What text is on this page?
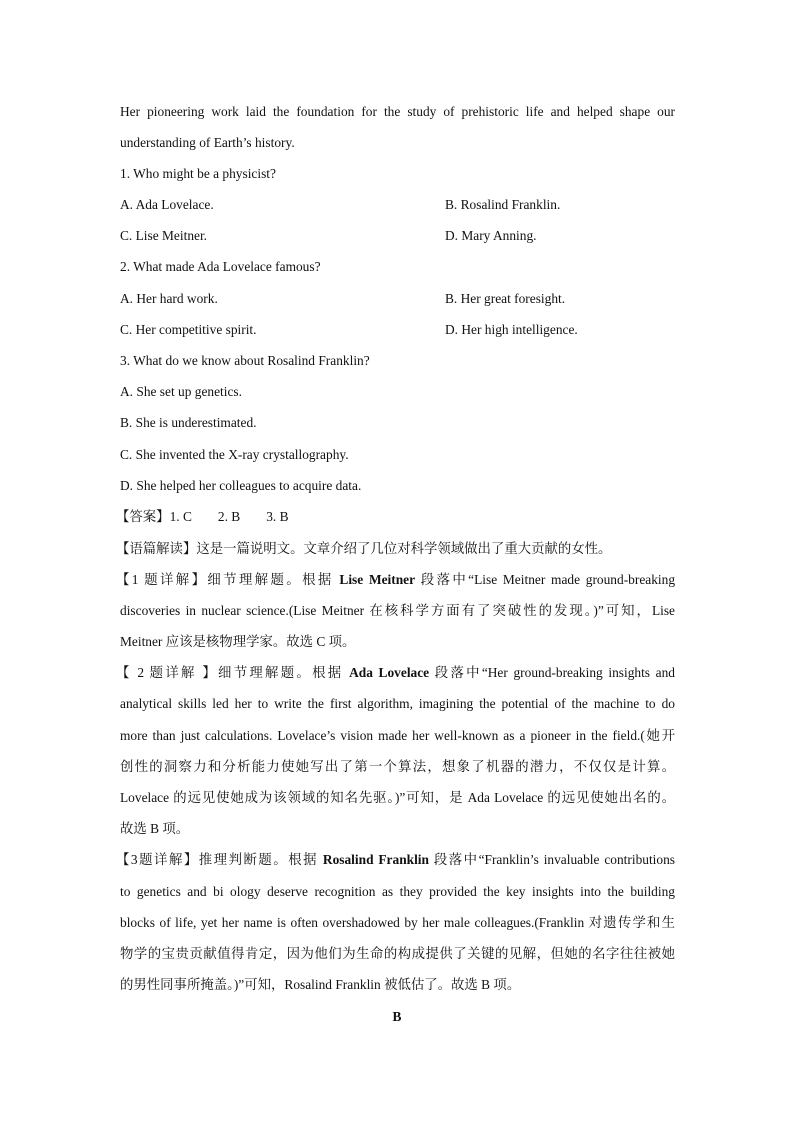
Her pioneering work laid the foundation for the study of prehistoric life and helped shape our
understanding of Earth’s history.
1. Who might be a physicist?
A. Ada Lovelace.	B. Rosalind Franklin.
C. Lise Meitner.	D. Mary Anning.
2. What made Ada Lovelace famous?
A. Her hard work.	B. Her great foresight.
C. Her competitive spirit.	D. Her high intelligence.
3. What do we know about Rosalind Franklin?
A. She set up genetics.
B. She is underestimated.
C. She invented the X-ray crystallography.
D. She helped her colleagues to acquire data.
【答案】1. C 2. B 3. B
【语篇解读】这是一篇说明文。文章介绍了几位对科学领域做出了重大贡献的女性。
【1 题详解】细节理解题。根据 Lise Meitner 段落中“Lise Meitner made ground-breaking
discoveries in nuclear science.(Lise Meitner 在核科学方面有了突破性的发现。)”可知，Lise
Meitner 应该是核物理学家。故选 C 项。
【 2 题详解 】细节理解题。根据 Ada Lovelace 段落中“Her ground-breaking insights and
analytical skills led her to write the first algorithm, imagining the potential of the machine to do
more than just calculations. Lovelace’s vision made her well-known as a pioneer in the field.(她开
创性的洞察力和分析能力使她写出了第一个算法，想象了机器的潜力，不仅仅是计算。
Lovelace 的远见使她成为该领域的知名先驱。)”可知，是 Ada Lovelace 的远见使她出名的。
故选 B 项。
【3题详解】推理判断题。根据 Rosalind Franklin 段落中“Franklin’s invaluable contributions
to genetics and bi ology deserve recognition as they provided the key insights into the building
blocks of life, yet her name is often overshadowed by her male colleagues.(Franklin 对遗传学和生
物学的宝贵贡献值得肯定，因为他们为生命的构成提供了关键的见解，但她的名字往往被她
的男性同事所掩盖。)”可知，Rosalind Franklin 被低估了。故选 B 项。
B
